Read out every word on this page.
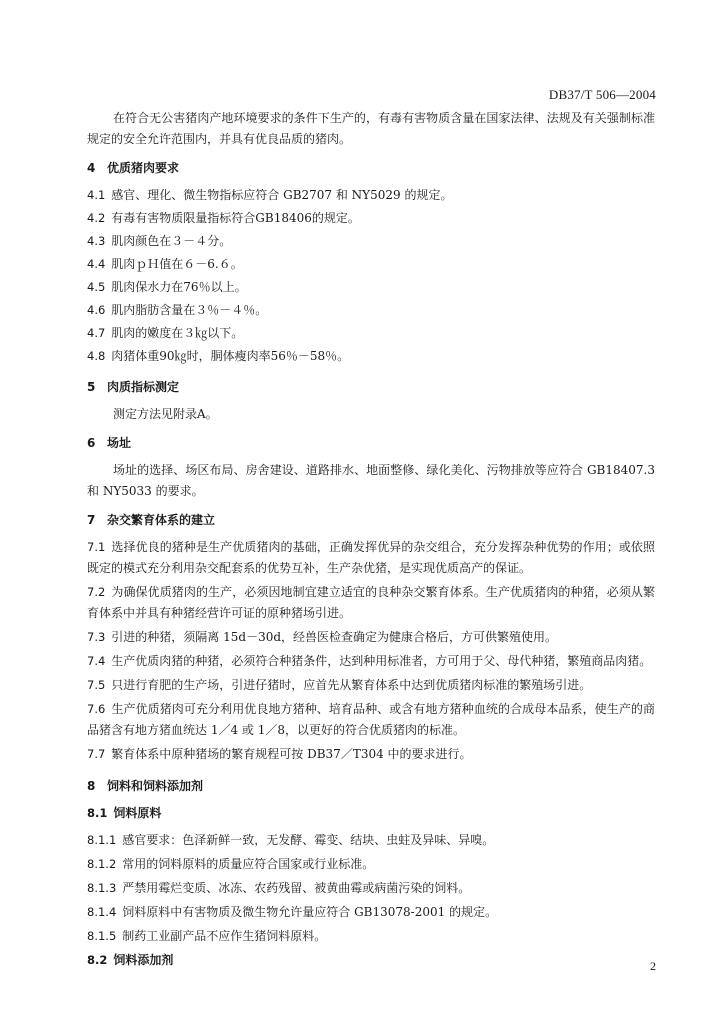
DB37/T 506—2004

在符合无公害猪肉产地环境要求的条件下生产的，有毒有害物质含量在国家法律、法规及有关强制标准规定的安全允许范围内，并具有优良品质的猪肉。

4 优质猪肉要求

4.1 感官、理化、微生物指标应符合 GB2707 和 NY5029 的规定。

4.2 有毒有害物质限量指标符合GB18406的规定。

4.3 肌肉颜色在３－４分。

4.4 肌肉ｐＨ值在６－6.６。

4.5 肌肉保水力在76％以上。

4.6 肌内脂肪含量在３％－４％。

4.7 肌肉的嫩度在３㎏以下。

4.8 肉猪体重90㎏时，胴体瘦肉率56％－58％。

5 肉质指标测定

测定方法见附录A。

6 场址

场址的选择、场区布局、房舍建设、道路排水、地面整修、绿化美化、污物排放等应符合 GB18407.3 和 NY5033 的要求。

7 杂交繁育体系的建立

7.1 选择优良的猪种是生产优质猪肉的基础，正确发挥优异的杂交组合，充分发挥杂种优势的作用；或依照既定的模式充分利用杂交配套系的优势互补，生产杂优猪，是实现优质高产的保证。

7.2 为确保优质猪肉的生产，必须因地制宜建立适宜的良种杂交繁育体系。生产优质猪肉的种猪，必须从繁育体系中并具有种猪经营许可证的原种猪场引进。

7.3 引进的种猪，须隔离 15d－30d，经兽医检查确定为健康合格后，方可供繁殖使用。

7.4 生产优质肉猪的种猪，必须符合种猪条件，达到种用标准者，方可用于父、母代种猪，繁殖商品肉猪。

7.5 只进行育肥的生产场，引进仔猪时，应首先从繁育体系中达到优质猪肉标准的繁殖场引进。

7.6 生产优质猪肉可充分利用优良地方猪种、培育品种、或含有地方猪种血统的合成母本品系，使生产的商品猪含有地方猪血统达 1／4 或 1／8，以更好的符合优质猪肉的标准。

7.7 繁育体系中原种猪场的繁育规程可按 DB37／T304 中的要求进行。

8 饲料和饲料添加剂

8.1 饲料原料

8.1.1 感官要求：色泽新鲜一致，无发酵、霉变、结块、虫蛀及异味、异嗅。

8.1.2 常用的饲料原料的质量应符合国家或行业标准。

8.1.3 严禁用霉烂变质、冰冻、农药残留、被黄曲霉或病菌污染的饲料。

8.1.4 饲料原料中有害物质及微生物允许量应符合 GB13078-2001 的规定。

8.1.5 制药工业副产品不应作生猪饲料原料。

8.2 饲料添加剂	2
